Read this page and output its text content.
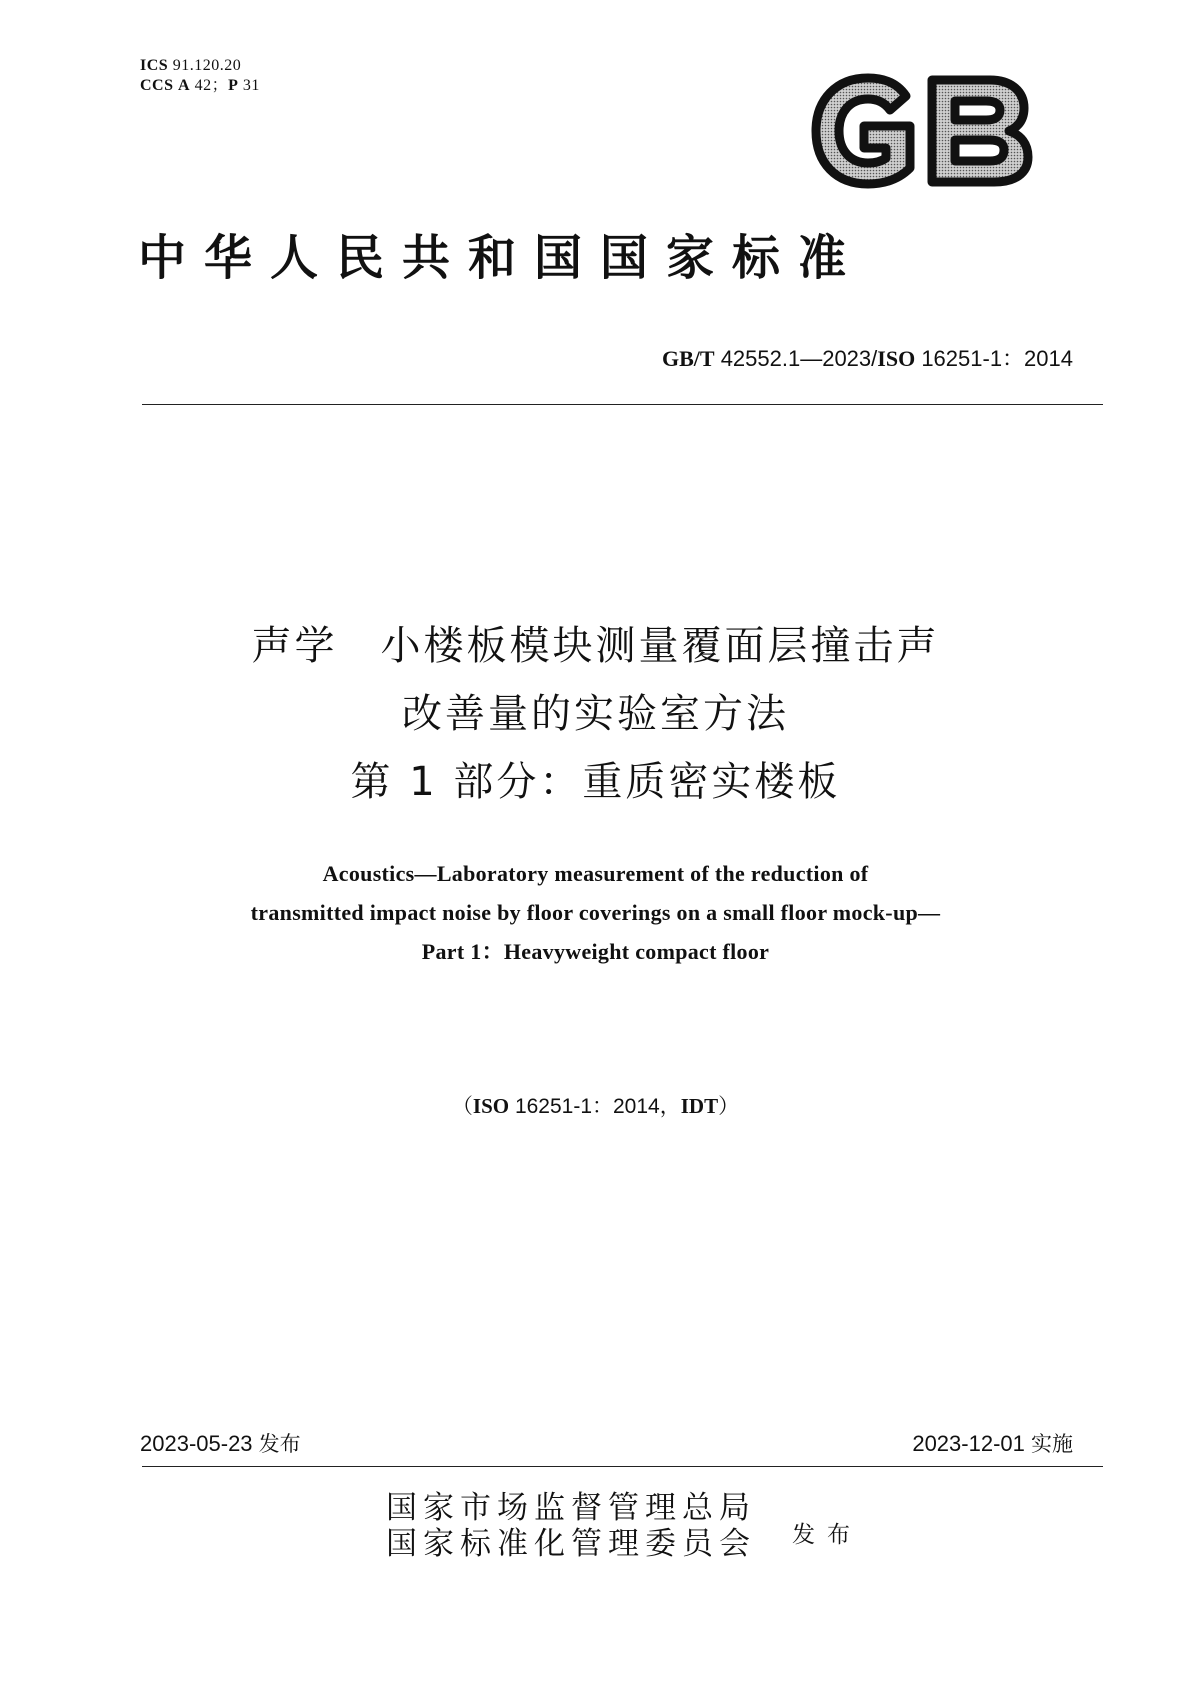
ICS 91.120.20
CCS A 42；P 31
中华人民共和国国家标准
GB/T 42552.1—2023/ISO 16251-1：2014
声学　小楼板模块测量覆面层撞击声
改善量的实验室方法
第 1 部分：重质密实楼板
Acoustics—Laboratory measurement of the reduction of
transmitted impact noise by floor coverings on a small floor mock-up—
Part 1：Heavyweight compact floor
（ISO 16251-1：2014，IDT）
2023-05-23 发布	2023-12-01 实施
国家市场监督管理总局
国家标准化管理委员会 发布
